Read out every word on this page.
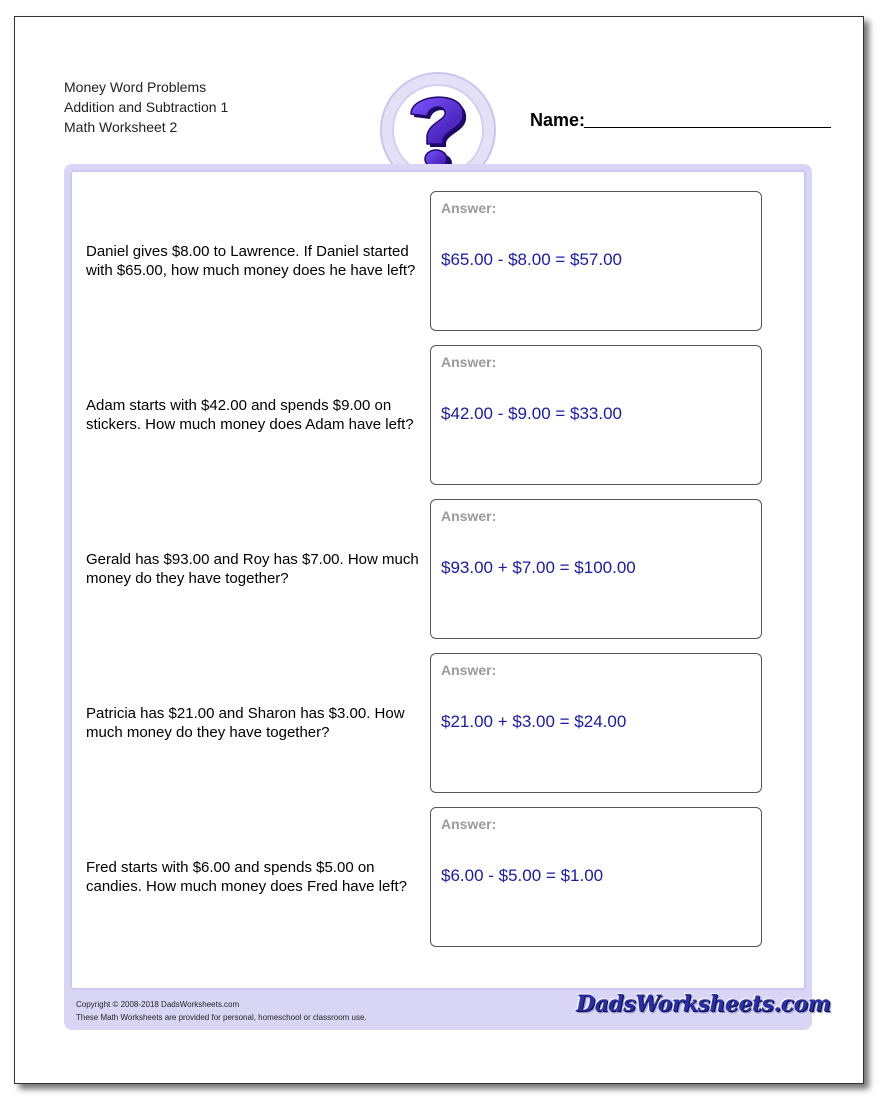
Money Word Problems
Addition and Subtraction 1
Math Worksheet 2	Name:
Daniel gives $8.00 to Lawrence. If Daniel started with $65.00, how much money does he have left?
Answer:
$65.00 - $8.00 = $57.00
Adam starts with $42.00 and spends $9.00 on stickers. How much money does Adam have left?
Answer:
$42.00 - $9.00 = $33.00
Gerald has $93.00 and Roy has $7.00. How much money do they have together?
Answer:
$93.00 + $7.00 = $100.00
Patricia has $21.00 and Sharon has $3.00. How much money do they have together?
Answer:
$21.00 + $3.00 = $24.00
Fred starts with $6.00 and spends $5.00 on candies. How much money does Fred have left?
Answer:
$6.00 - $5.00 = $1.00
Copyright © 2008-2018 DadsWorksheets.com
These Math Worksheets are provided for personal, homeschool or classroom use.
DadsWorksheets.com
